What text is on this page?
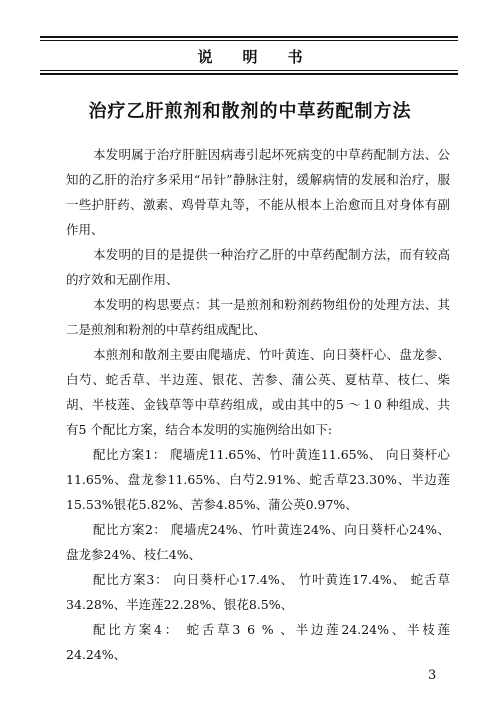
说明书
治疗乙肝煎剂和散剂的中草药配制方法

本发明属于治疗肝脏因病毒引起坏死病变的中草药配制方法、公知的乙肝的治疗多采用“吊针”静脉注射，缓解病情的发展和治疗，服一些护肝药、激素、鸡骨草丸等，不能从根本上治愈而且对身体有副作用、

本发明的目的是提供一种治疗乙肝的中草药配制方法，而有较高的疗效和无副作用、

本发明的构思要点：其一是煎剂和粉剂药物组份的处理方法、其二是煎剂和粉剂的中草药组成配比、

本煎剂和散剂主要由爬墙虎、竹叶黄连、向日葵杆心、盘龙参、白芍、蛇舌草、半边莲、银花、苦参、蒲公英、夏枯草、枝仁、柴胡、半枝莲、金钱草等中草药组成，或由其中的5 ～１0 种组成、共有5 个配比方案，结合本发明的实施例给出如下:

配比方案1： 爬墙虎11.65%、竹叶黄连11.65%、 向日葵杆心11.65%、盘龙参11.65%、白芍2.91%、蛇舌草23.30%、半边莲15.53%银花5.82%、苦参4.85%、蒲公英0.97%、

配比方案2： 爬墙虎24%、竹叶黄连24%、向日葵杆心24%、 盘龙参24%、枝仁4%、

配比方案3： 向日葵杆心17.4%、 竹叶黄连17.4%、 蛇舌草34.28%、半连莲22.28%、银花8.5%、

配比方案4： 蛇舌草3 6 % 、半边莲24.24%、半枝莲24.24%、

3
